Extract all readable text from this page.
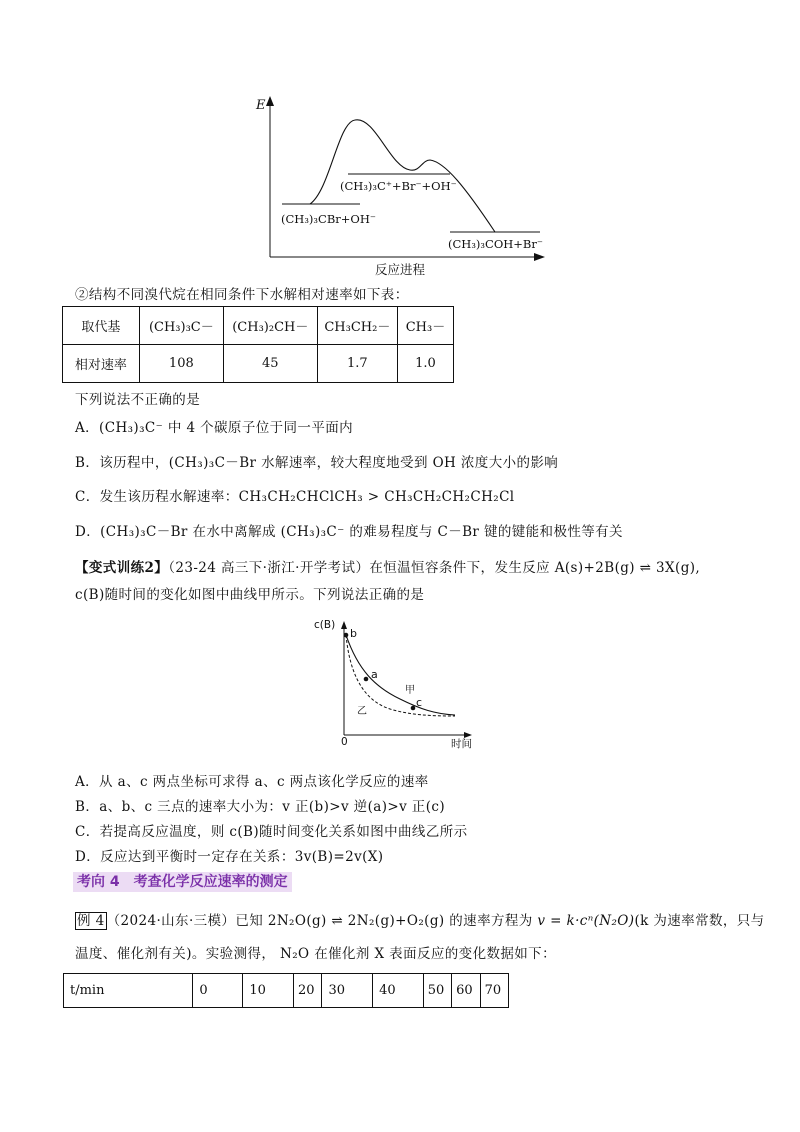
E
(CH₃)₃C⁺+Br⁻+OH⁻
(CH₃)₃CBr+OH⁻
(CH₃)₃COH+Br⁻
反应进程
②结构不同溴代烷在相同条件下水解相对速率如下表：
取代基	(CH₃)₃C－	(CH₃)₂CH－	CH₃CH₂－	CH₃－
相对速率	108	45	1.7	1.0
下列说法不正确的是
A．(CH₃)₃C⁻ 中 4 个碳原子位于同一平面内
B．该历程中，(CH₃)₃C－Br 水解速率，较大程度地受到 OH 浓度大小的影响
C．发生该历程水解速率：CH₃CH₂CHClCH₃ > CH₃CH₂CH₂CH₂Cl
D．(CH₃)₃C－Br 在水中离解成 (CH₃)₃C⁻ 的难易程度与 C－Br 键的键能和极性等有关
【变式训练2】（23-24 高三下·浙江·开学考试）在恒温恒容条件下，发生反应 A(s)+2B(g) ⇌ 3X(g),
c(B)随时间的变化如图中曲线甲所示。下列说法正确的是
c(B)
b
a
甲
c
乙
0	时间
A．从 a、c 两点坐标可求得 a、c 两点该化学反应的速率
B．a、b、c 三点的速率大小为：v 正(b)>v 逆(a)>v 正(c)
C．若提高反应温度，则 c(B)随时间变化关系如图中曲线乙所示
D．反应达到平衡时一定存在关系：3v(B)=2v(X)
考向 4　考查化学反应速率的测定
例 4 （2024·山东·三模）已知 2N₂O(g) ⇌ 2N₂(g)+O₂(g) 的速率方程为 v = k·cⁿ(N₂O)(k 为速率常数，只与
温度、催化剂有关)。实验测得， N₂O 在催化剂 X 表面反应的变化数据如下：
t/min	0	10	20	30	40	50	60	70
